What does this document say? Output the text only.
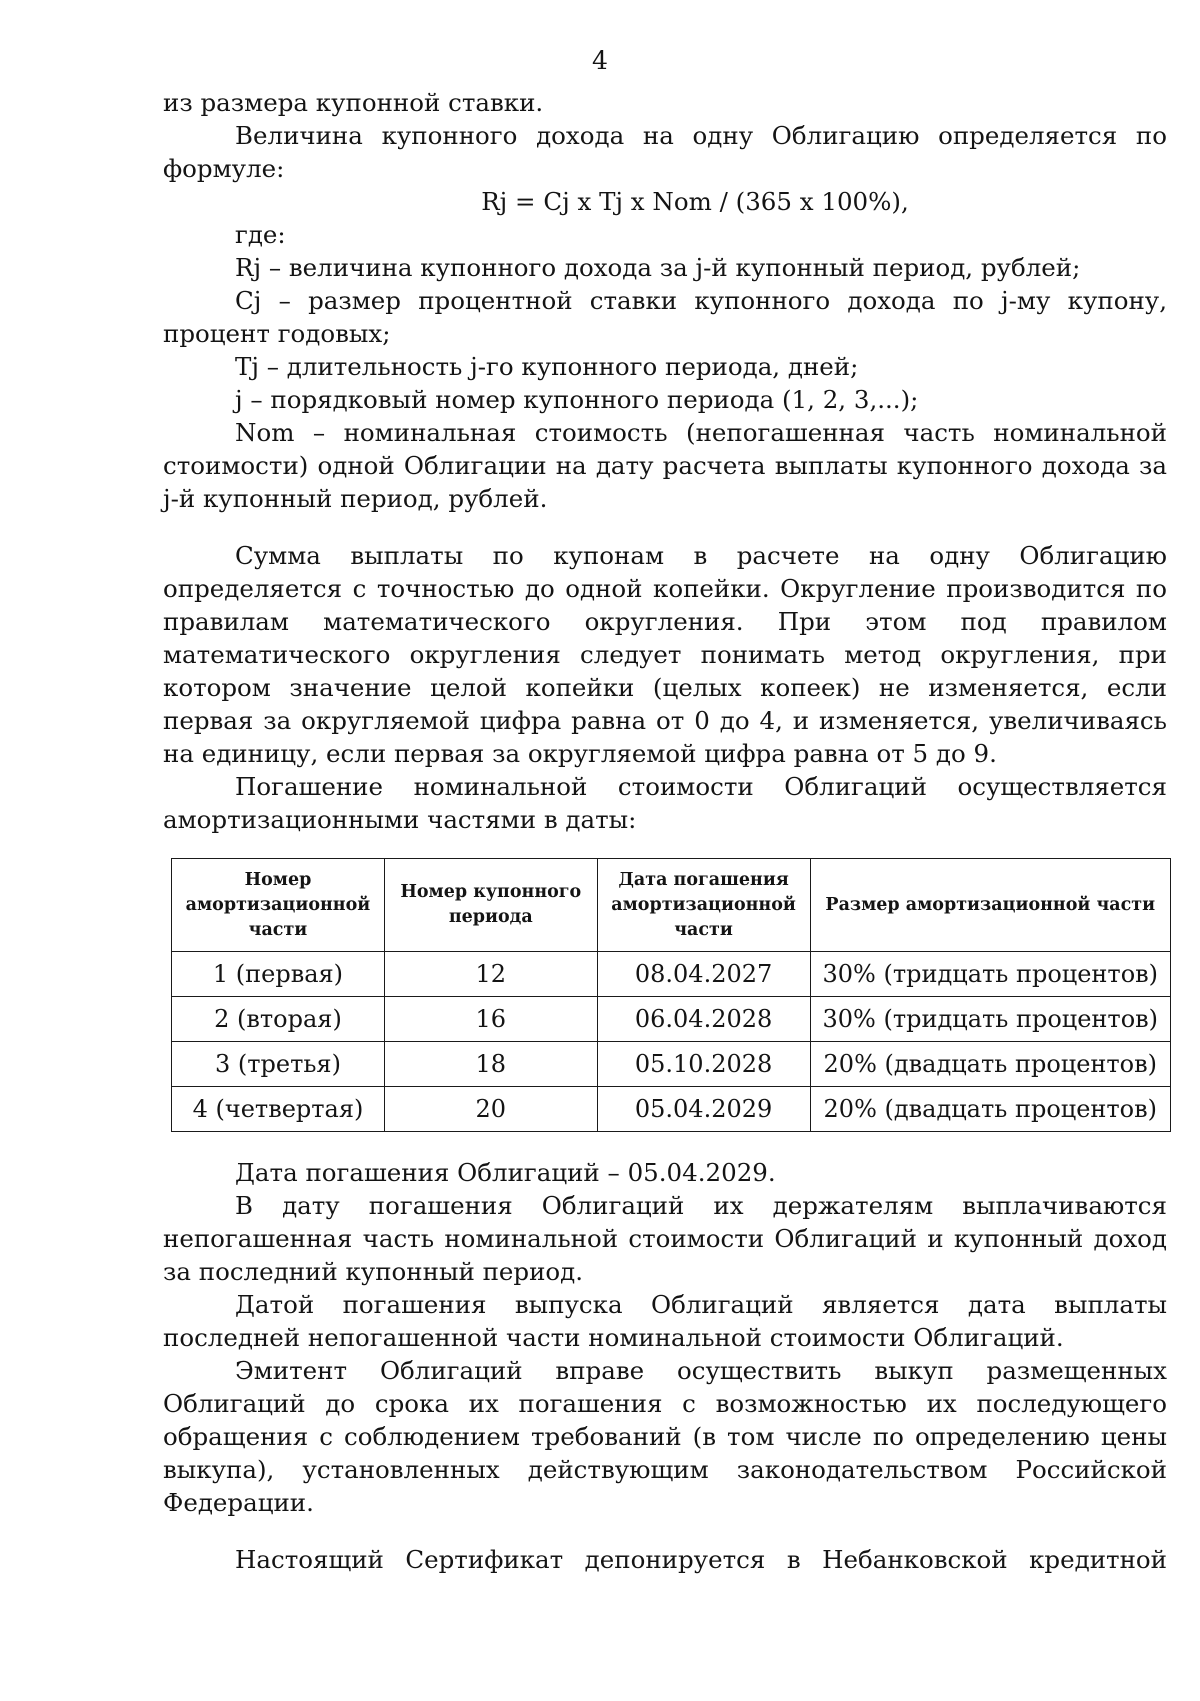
4

из размера купонной ставки.

Величина купонного дохода на одну Облигацию определяется по формуле:

Rj = Cj x Tj x Nom / (365 x 100%),

где:

Rj – величина купонного дохода за j-й купонный период, рублей;

Cj – размер процентной ставки купонного дохода по j-му купону, процент годовых;

Tj – длительность j-го купонного периода, дней;

j – порядковый номер купонного периода (1, 2, 3,...);

Nom – номинальная стоимость (непогашенная часть номинальной стоимости) одной Облигации на дату расчета выплаты купонного дохода за j-й купонный период, рублей.

Сумма выплаты по купонам в расчете на одну Облигацию определяется с точностью до одной копейки. Округление производится по правилам математического округления. При этом под правилом математического округления следует понимать метод округления, при котором значение целой копейки (целых копеек) не изменяется, если первая за округляемой цифра равна от 0 до 4, и изменяется, увеличиваясь на единицу, если первая за округляемой цифра равна от 5 до 9.

Погашение номинальной стоимости Облигаций осуществляется амортизационными частями в даты:

Номер амортизационной части	Номер купонного периода	Дата погашения амортизационной части	Размер амортизационной части
1 (первая)	12	08.04.2027	30% (тридцать процентов)
2 (вторая)	16	06.04.2028	30% (тридцать процентов)
3 (третья)	18	05.10.2028	20% (двадцать процентов)
4 (четвертая)	20	05.04.2029	20% (двадцать процентов)

Дата погашения Облигаций – 05.04.2029.

В дату погашения Облигаций их держателям выплачиваются непогашенная часть номинальной стоимости Облигаций и купонный доход за последний купонный период.

Датой погашения выпуска Облигаций является дата выплаты последней непогашенной части номинальной стоимости Облигаций.

Эмитент Облигаций вправе осуществить выкуп размещенных Облигаций до срока их погашения с возможностью их последующего обращения с соблюдением требований (в том числе по определению цены выкупа), установленных действующим законодательством Российской Федерации.

Настоящий Сертификат депонируется в Небанковской кредитной
